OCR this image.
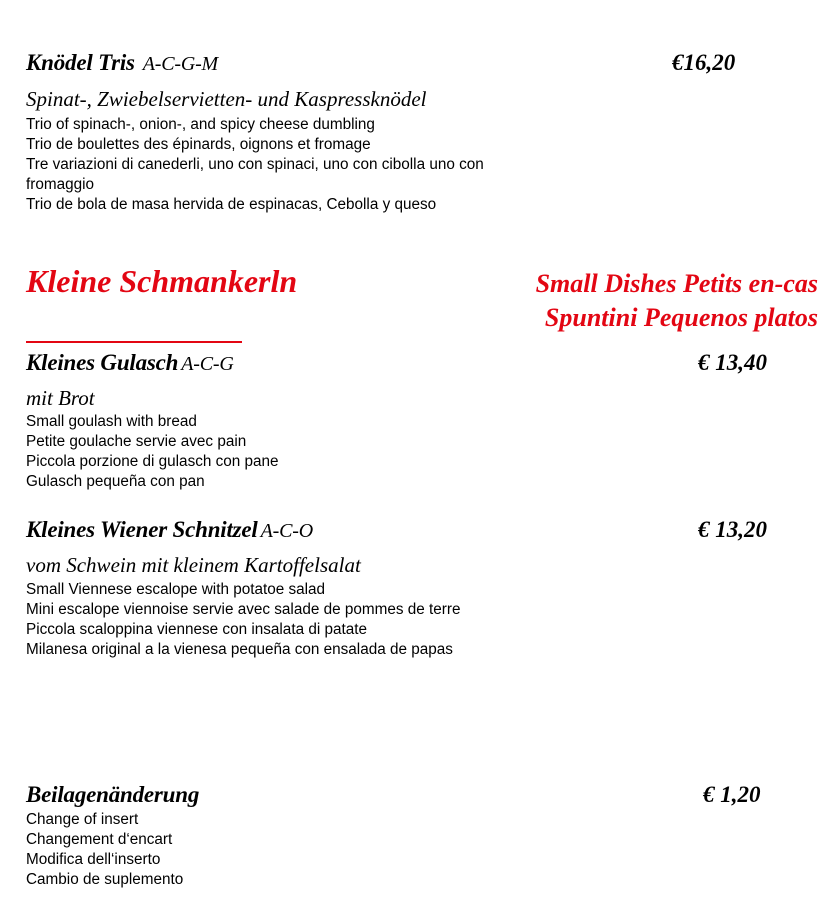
Knödel Tris A-C-G-M	€16,20
Spinat-, Zwiebelservietten- und Kaspressknödel
Trio of spinach-, onion-, and spicy cheese dumbling
Trio de boulettes des épinards, oignons et fromage
Tre variazioni di canederli, uno con spinaci, uno con cibolla uno con
fromaggio
Trio de bola de masa hervida de espinacas, Cebolla y queso
Kleine Schmankerln	Small Dishes Petits en-cas
Spuntini Pequenos platos
Kleines Gulasch A-C-G	€ 13,40
mit Brot
Small goulash with bread
Petite goulache servie avec pain
Piccola porzione di gulasch con pane
Gulasch pequeña con pan
Kleines Wiener Schnitzel A-C-O	€ 13,20
vom Schwein mit kleinem Kartoffelsalat
Small Viennese escalope with potatoe salad
Mini escalope viennoise servie avec salade de pommes de terre
Piccola scaloppina viennese con insalata di patate
Milanesa original a la vienesa pequeña con ensalada de papas
Beilagenänderung	€ 1,20
Change of insert
Changement d‘encart
Modifica dell‘inserto
Cambio de suplemento
